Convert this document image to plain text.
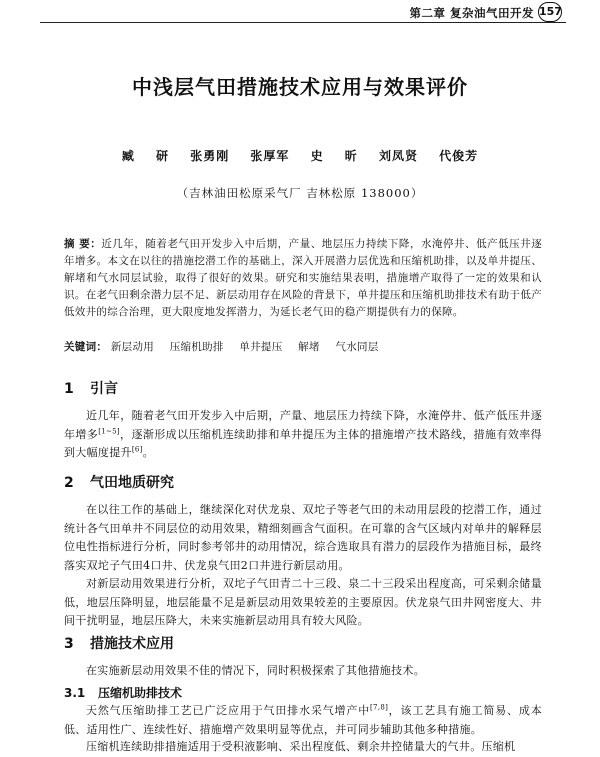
第二章 复杂油气田开发 157
中浅层气田措施技术应用与效果评价
臧 研 张勇刚 张厚军 史 昕 刘凤贤 代俊芳
（吉林油田松原采气厂 吉林松原 138000）
摘 要：近几年，随着老气田开发步入中后期，产量、地层压力持续下降，水淹停井、低产低压井逐年增多。本文在以往的措施挖潜工作的基础上，深入开展潜力层优选和压缩机助排，以及单井提压、解堵和气水同层试验，取得了很好的效果。研究和实施结果表明，措施增产取得了一定的效果和认识。在老气田剩余潜力层不足、新层动用存在风险的背景下，单井提压和压缩机助排技术有助于低产低效井的综合治理，更大限度地发挥潜力，为延长老气田的稳产期提供有力的保障。
关键词： 新层动用 压缩机助排 单井提压 解堵 气水同层
1 引言
近几年，随着老气田开发步入中后期，产量、地层压力持续下降，水淹停井、低产低压井逐年增多[1~5]，逐渐形成以压缩机连续助排和单井提压为主体的措施增产技术路线，措施有效率得到大幅度提升[6]。
2 气田地质研究
在以往工作的基础上，继续深化对伏龙泉、双坨子等老气田的未动用层段的挖潜工作，通过统计各气田单井不同层位的动用效果，精细刻画含气面积。在可靠的含气区域内对单井的解释层位电性指标进行分析，同时参考邻井的动用情况，综合选取具有潜力的层段作为措施目标，最终落实双坨子气田4口井、伏龙泉气田2口井进行新层动用。
对新层动用效果进行分析，双坨子气田青二十三段、泉二十三段采出程度高，可采剩余储量低，地层压降明显，地层能量不足是新层动用效果较差的主要原因。伏龙泉气田井网密度大、井间干扰明显，地层压降大，未来实施新层动用具有较大风险。
3 措施技术应用
在实施新层动用效果不佳的情况下，同时积极探索了其他措施技术。
3.1 压缩机助排技术
天然气压缩助排工艺已广泛应用于气田排水采气增产中[7,8]，该工艺具有施工简易、成本低、适用性广、连续性好、措施增产效果明显等优点，并可同步辅助其他多种措施。
压缩机连续助排措施适用于受积液影响、采出程度低、剩余井控储量大的气井。压缩机
